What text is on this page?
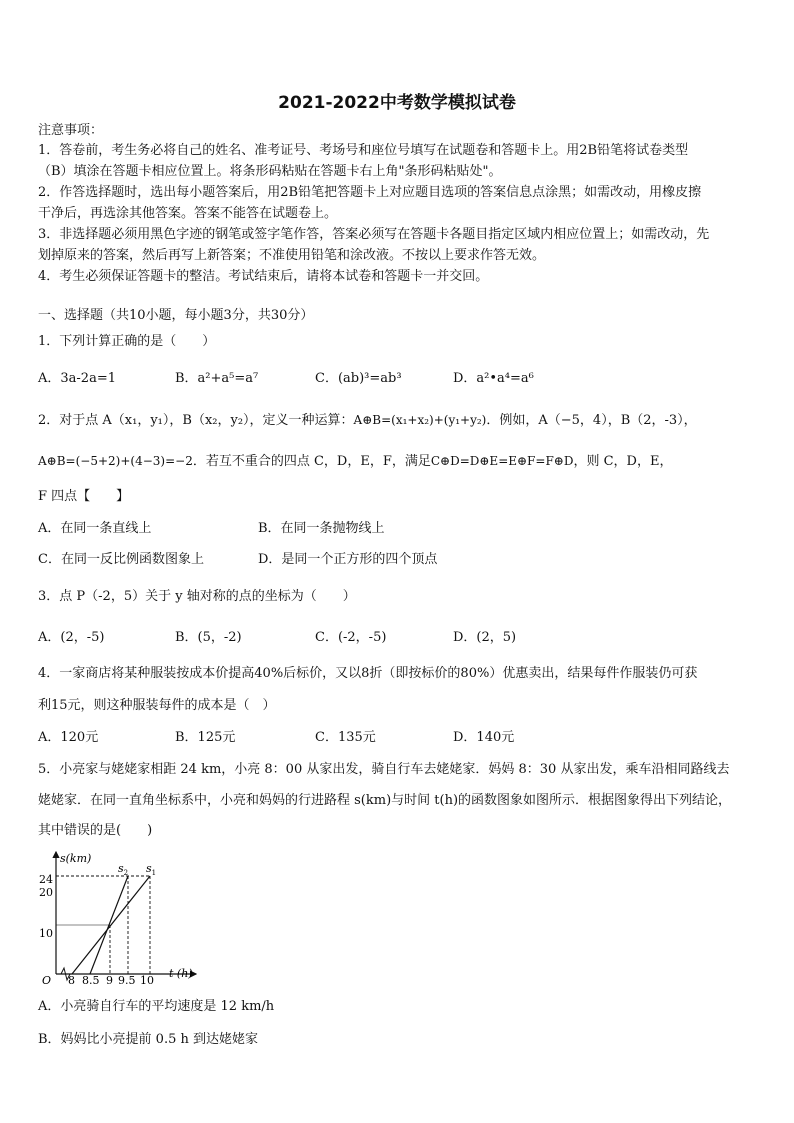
2021-2022中考数学模拟试卷
注意事项：
1．答卷前，考生务必将自己的姓名、准考证号、考场号和座位号填写在试题卷和答题卡上。用2B铅笔将试卷类型
（B）填涂在答题卡相应位置上。将条形码粘贴在答题卡右上角"条形码粘贴处"。
2．作答选择题时，选出每小题答案后，用2B铅笔把答题卡上对应题目选项的答案信息点涂黑；如需改动，用橡皮擦
干净后，再选涂其他答案。答案不能答在试题卷上。
3．非选择题必须用黑色字迹的钢笔或签字笔作答，答案必须写在答题卡各题目指定区域内相应位置上；如需改动，先
划掉原来的答案，然后再写上新答案；不准使用铅笔和涂改液。不按以上要求作答无效。
4．考生必须保证答题卡的整洁。考试结束后，请将本试卷和答题卡一并交回。
一、选择题（共10小题，每小题3分，共30分）
1．下列计算正确的是（　　）
A．3a-2a=1	B．a²+a⁵=a⁷	C．(ab)³=ab³	D．a²•a⁴=a⁶
2．对于点 A（x₁，y₁），B（x₂，y₂），定义一种运算：A⊕B=(x₁+x₂)+(y₁+y₂)．例如，A（−5，4），B（2，-3），
A⊕B=(−5+2)+(4−3)=−2．若互不重合的四点 C，D，E，F，满足C⊕D=D⊕E=E⊕F=F⊕D，则 C，D，E，
F 四点【　　】
A．在同一条直线上	B．在同一条抛物线上
C．在同一反比例函数图象上	D．是同一个正方形的四个顶点
3．点 P（-2，5）关于 y 轴对称的点的坐标为（　　）
A．(2，-5)	B．(5，-2)	C．(-2，-5)	D．(2，5)
4．一家商店将某种服装按成本价提高40%后标价，又以8折（即按标价的80%）优惠卖出，结果每件作服装仍可获
利15元，则这种服装每件的成本是（　）
A．120元	B．125元	C．135元	D．140元
5．小亮家与姥姥家相距 24 km，小亮 8：00 从家出发，骑自行车去姥姥家．妈妈 8：30 从家出发，乘车沿相同路线去
姥姥家．在同一直角坐标系中，小亮和妈妈的行进路程 s(km)与时间 t(h)的函数图象如图所示．根据图象得出下列结论，
其中错误的是(　　)
s(km)
t (h)
O
24
20
10
8 8.5 9 9.5 10
$s_2$ $s_1$
A．小亮骑自行车的平均速度是 12 km/h
B．妈妈比小亮提前 0.5 h 到达姥姥家
